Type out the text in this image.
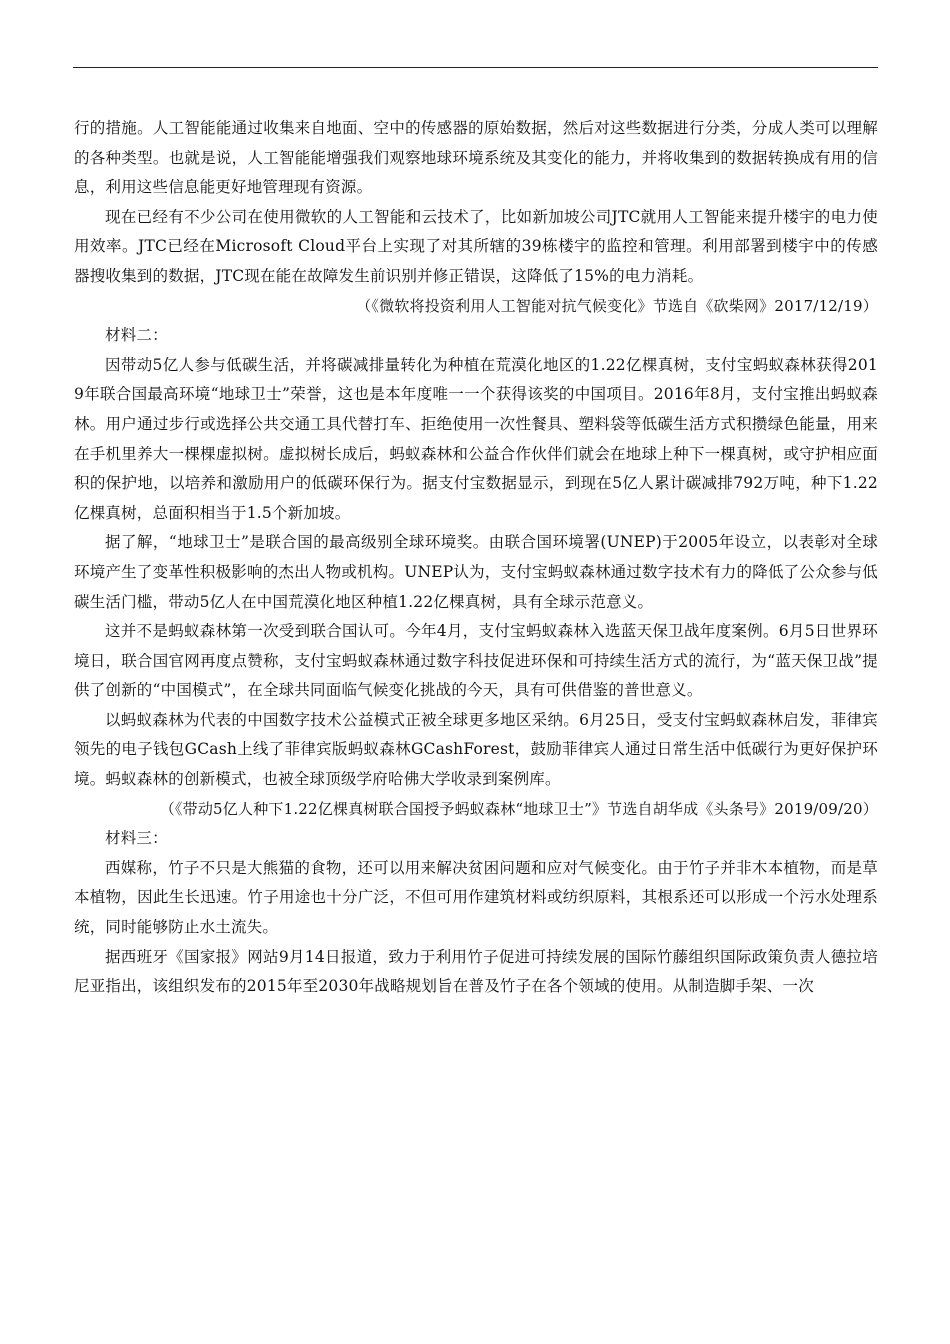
行的措施。人工智能能通过收集来自地面、空中的传感器的原始数据，然后对这些数据进行分类，分成人类可以理解的各种类型。也就是说，人工智能能增强我们观察地球环境系统及其变化的能力，并将收集到的数据转换成有用的信息，利用这些信息能更好地管理现有资源。

现在已经有不少公司在使用微软的人工智能和云技术了，比如新加坡公司JTC就用人工智能来提升楼宇的电力使用效率。JTC已经在Microsoft Cloud平台上实现了对其所辖的39栋楼宇的监控和管理。利用部署到楼宇中的传感器搜收集到的数据，JTC现在能在故障发生前识别并修正错误，这降低了15%的电力消耗。

（《微软将投资利用人工智能对抗气候变化》节选自《砍柴网》2017/12/19）

材料二：

因带动5亿人参与低碳生活，并将碳减排量转化为种植在荒漠化地区的1.22亿棵真树，支付宝蚂蚁森林获得2019年联合国最高环境“地球卫士”荣誉，这也是本年度唯一一个获得该奖的中国项目。2016年8月，支付宝推出蚂蚁森林。用户通过步行或选择公共交通工具代替打车、拒绝使用一次性餐具、塑料袋等低碳生活方式积攒绿色能量，用来在手机里养大一棵棵虚拟树。虚拟树长成后，蚂蚁森林和公益合作伙伴们就会在地球上种下一棵真树，或守护相应面积的保护地，以培养和激励用户的低碳环保行为。据支付宝数据显示，到现在5亿人累计碳减排792万吨，种下1.22亿棵真树，总面积相当于1.5个新加坡。

据了解，“地球卫士”是联合国的最高级别全球环境奖。由联合国环境署(UNEP)于2005年设立，以表彰对全球环境产生了变革性积极影响的杰出人物或机构。UNEP认为，支付宝蚂蚁森林通过数字技术有力的降低了公众参与低碳生活门槛，带动5亿人在中国荒漠化地区种植1.22亿棵真树，具有全球示范意义。

这并不是蚂蚁森林第一次受到联合国认可。今年4月，支付宝蚂蚁森林入选蓝天保卫战年度案例。6月5日世界环境日，联合国官网再度点赞称，支付宝蚂蚁森林通过数字科技促进环保和可持续生活方式的流行，为“蓝天保卫战”提供了创新的“中国模式”，在全球共同面临气候变化挑战的今天，具有可供借鉴的普世意义。

以蚂蚁森林为代表的中国数字技术公益模式正被全球更多地区采纳。6月25日，受支付宝蚂蚁森林启发，菲律宾领先的电子钱包GCash上线了菲律宾版蚂蚁森林GCashForest，鼓励菲律宾人通过日常生活中低碳行为更好保护环境。蚂蚁森林的创新模式，也被全球顶级学府哈佛大学收录到案例库。

（《带动5亿人种下1.22亿棵真树联合国授予蚂蚁森林“地球卫士”》节选自胡华成《头条号》2019/09/20）

材料三：

西媒称，竹子不只是大熊猫的食物，还可以用来解决贫困问题和应对气候变化。由于竹子并非木本植物，而是草本植物，因此生长迅速。竹子用途也十分广泛，不但可用作建筑材料或纺织原料，其根系还可以形成一个污水处理系统，同时能够防止水土流失。

据西班牙《国家报》网站9月14日报道，致力于利用竹子促进可持续发展的国际竹藤组织国际政策负责人德拉培尼亚指出，该组织发布的2015年至2030年战略规划旨在普及竹子在各个领域的使用。从制造脚手架、一次
